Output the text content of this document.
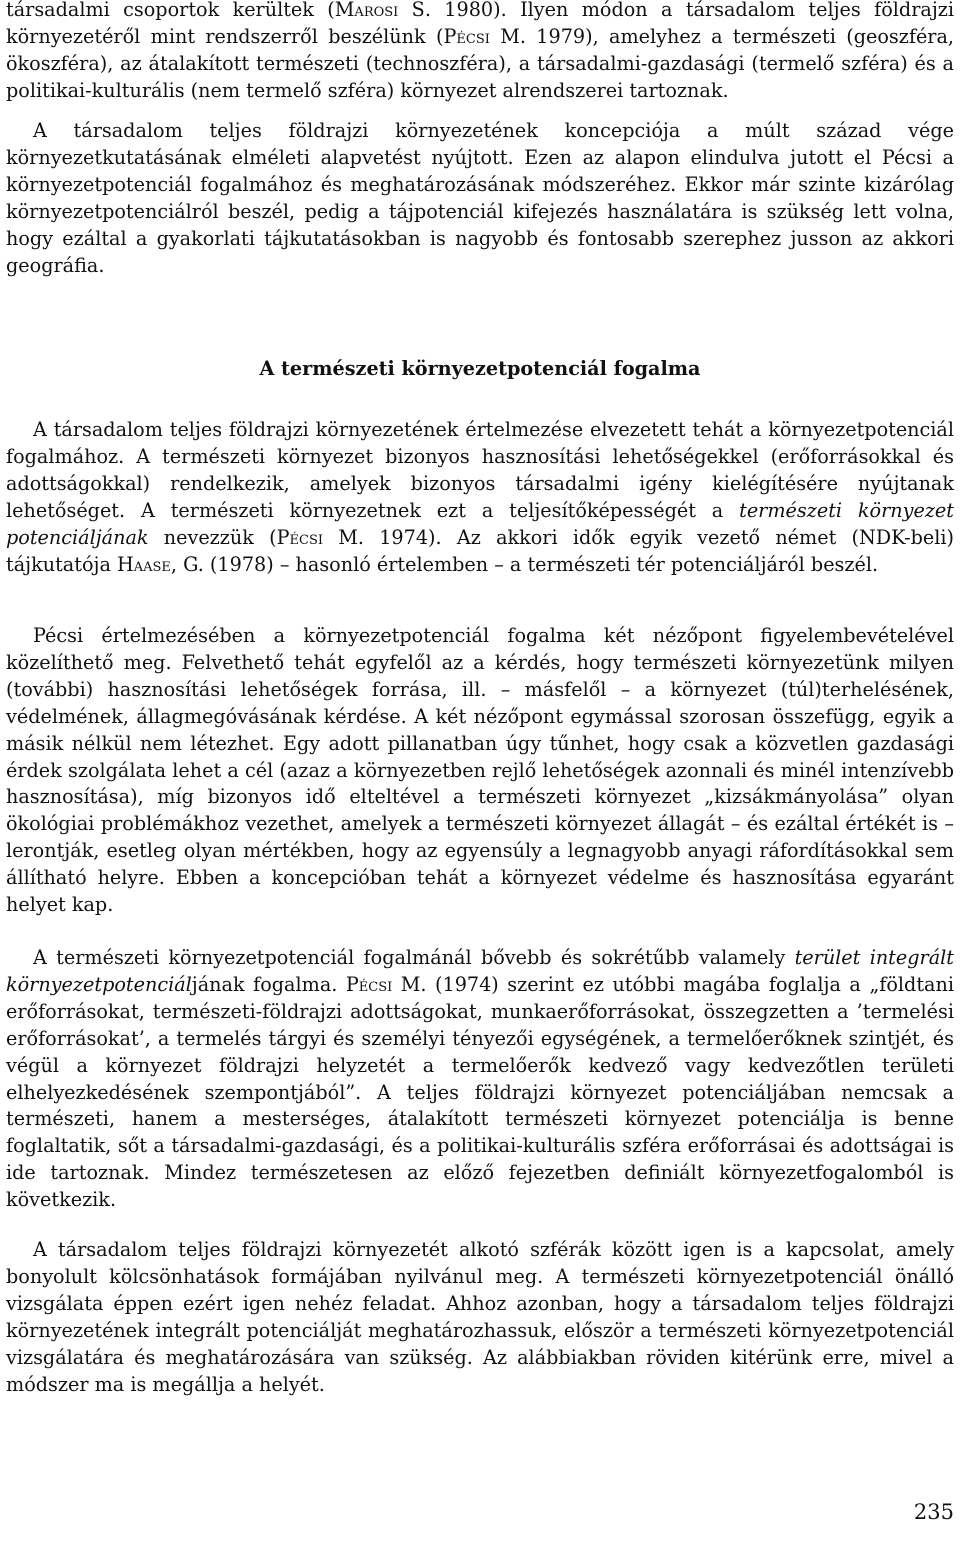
társadalmi csoportok kerültek (Marosi S. 1980). Ilyen módon a társadalom teljes földrajzi környezetéről mint rendszerről beszélünk (Pécsi M. 1979), amelyhez a természeti (geoszféra, ökoszféra), az átalakított természeti (technoszféra), a társadalmi-gazdasági (termelő szféra) és a politikai-kulturális (nem termelő szféra) környezet alrendszerei tartoznak.

A társadalom teljes földrajzi környezetének koncepciója a múlt század vége környezetkutatásának elméleti alapvetést nyújtott. Ezen az alapon elindulva jutott el Pécsi a környezetpotenciál fogalmához és meghatározásának módszeréhez. Ekkor már szinte kizárólag környezetpotenciálról beszél, pedig a tájpotenciál kifejezés használatára is szükség lett volna, hogy ezáltal a gyakorlati tájkutatásokban is nagyobb és fontosabb szerephez jusson az akkori geográfia.

A természeti környezetpotenciál fogalma

A társadalom teljes földrajzi környezetének értelmezése elvezetett tehát a környezetpotenciál fogalmához. A természeti környezet bizonyos hasznosítási lehetőségekkel (erőforrásokkal és adottságokkal) rendelkezik, amelyek bizonyos társadalmi igény kielégítésére nyújtanak lehetőséget. A természeti környezetnek ezt a teljesítőképességét a természeti környezet potenciáljának nevezzük (Pécsi M. 1974). Az akkori idők egyik vezető német (NDK-beli) tájkutatója Haase, G. (1978) – hasonló értelemben – a természeti tér potenciáljáról beszél.

Pécsi értelmezésében a környezetpotenciál fogalma két nézőpont figyelembevételével közelíthető meg. Felvethető tehát egyfelől az a kérdés, hogy természeti környezetünk milyen (további) hasznosítási lehetőségek forrása, ill. – másfelől – a környezet (túl)terhelésének, védelmének, állagmegóvásának kérdése. A két nézőpont egymással szorosan összefügg, egyik a másik nélkül nem létezhet. Egy adott pillanatban úgy tűnhet, hogy csak a közvetlen gazdasági érdek szolgálata lehet a cél (azaz a környezetben rejlő lehetőségek azonnali és minél intenzívebb hasznosítása), míg bizonyos idő elteltével a természeti környezet „kizsákmányolása” olyan ökológiai problémákhoz vezethet, amelyek a természeti környezet állagát – és ezáltal értékét is – lerontják, esetleg olyan mértékben, hogy az egyensúly a legnagyobb anyagi ráfordításokkal sem állítható helyre. Ebben a koncepcióban tehát a környezet védelme és hasznosítása egyaránt helyet kap.

A természeti környezetpotenciál fogalmánál bővebb és sokrétűbb valamely terület integrált környezetpotenciáljának fogalma. Pécsi M. (1974) szerint ez utóbbi magába foglalja a „földtani erőforrásokat, természeti-földrajzi adottságokat, munkaerőforrásokat, összegzetten a ’termelési erőforrásokat’, a termelés tárgyi és személyi tényezői egységének, a termelőerőknek szintjét, és végül a környezet földrajzi helyzetét a termelőerők kedvező vagy kedvezőtlen területi elhelyezkedésének szempontjából”. A teljes földrajzi környezet potenciáljában nemcsak a természeti, hanem a mesterséges, átalakított természeti környezet potenciálja is benne foglaltatik, sőt a társadalmi-gazdasági, és a politikai-kulturális szféra erőforrásai és adottságai is ide tartoznak. Mindez természetesen az előző fejezetben definiált környezetfogalomból is következik.

A társadalom teljes földrajzi környezetét alkotó szférák között igen is a kapcsolat, amely bonyolult kölcsönhatások formájában nyilvánul meg. A természeti környezetpotenciál önálló vizsgálata éppen ezért igen nehéz feladat. Ahhoz azonban, hogy a társadalom teljes földrajzi környezetének integrált potenciálját meghatározhassuk, először a természeti környezetpotenciál vizsgálatára és meghatározására van szükség. Az alábbiakban röviden kitérünk erre, mivel a módszer ma is megállja a helyét.

235
